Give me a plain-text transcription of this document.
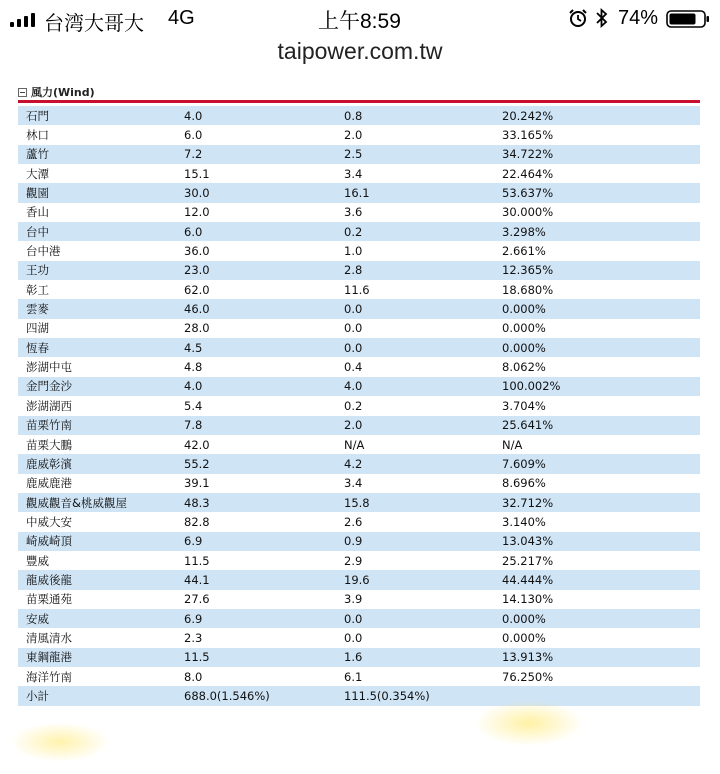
台湾大哥大 4G	上午8:59	74%
taipower.com.tw
風力(Wind)
石門	4.0	0.8	20.242%
林口	6.0	2.0	33.165%
蘆竹	7.2	2.5	34.722%
大潭	15.1	3.4	22.464%
觀園	30.0	16.1	53.637%
香山	12.0	3.6	30.000%
台中	6.0	0.2	3.298%
台中港	36.0	1.0	2.661%
王功	23.0	2.8	12.365%
彰工	62.0	11.6	18.680%
雲麥	46.0	0.0	0.000%
四湖	28.0	0.0	0.000%
恆春	4.5	0.0	0.000%
澎湖中屯	4.8	0.4	8.062%
金門金沙	4.0	4.0	100.002%
澎湖湖西	5.4	0.2	3.704%
苗栗竹南	7.8	2.0	25.641%
苗栗大鵬	42.0	N/A	N/A
鹿威彰濱	55.2	4.2	7.609%
鹿威鹿港	39.1	3.4	8.696%
觀威觀音&桃威觀屋	48.3	15.8	32.712%
中威大安	82.8	2.6	3.140%
崎威崎頂	6.9	0.9	13.043%
豐威	11.5	2.9	25.217%
龍威後龍	44.1	19.6	44.444%
苗栗通苑	27.6	3.9	14.130%
安威	6.9	0.0	0.000%
清風清水	2.3	0.0	0.000%
東鋼龍港	11.5	1.6	13.913%
海洋竹南	8.0	6.1	76.250%
小計	688.0(1.546%)	111.5(0.354%)	
